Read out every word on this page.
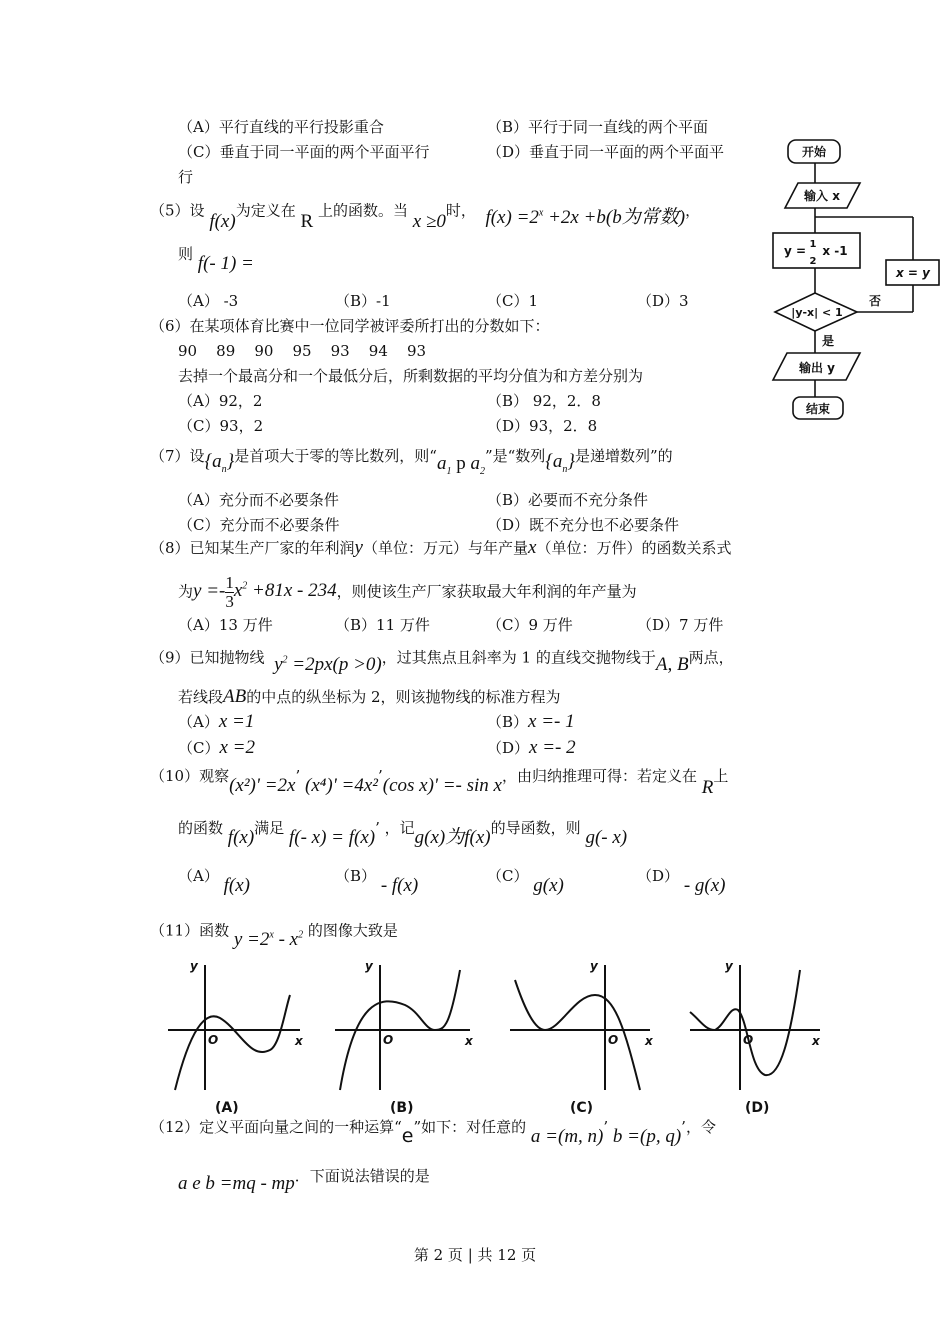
（A）平行直线的平行投影重合	（B）平行于同一直线的两个平面
（C）垂直于同一平面的两个平面平行	（D）垂直于同一平面的两个平面平
行
（5）设 f(x)为定义在 R 上的函数。当 x ≥0时， $f(x) =2^x +2x +b(b$为常数)，
则 f(- 1) =
（A） -3	（B）-1	（C）1	（D）3
（6）在某项体育比赛中一位同学被评委所打出的分数如下：
90    89    90    95    93    94    93
去掉一个最高分和一个最低分后，所剩数据的平均分值为和方差分别为
（A）92，2	（B） 92，2．8
（C）93，2	（D）93，2．8
（7）设$\{a_n\}$是首项大于零的等比数列，则“$a_1$ p $a_2$”是“数列$\{a_n\}$是递增数列”的
（A）充分而不必要条件	（B）必要而不充分条件
（C）充分而不必要条件	（D）既不充分也不必要条件
（8）已知某生产厂家的年利润y（单位：万元）与年产量x（单位：万件）的函数关系式
为$y =- \frac{1}{3} x^2 +81x - 234$，则使该生产厂家获取最大年利润的年产量为
（A）13 万件	（B）11 万件	（C）9 万件	（D）7 万件
（9）已知抛物线 $y^2 =2px(p >0)$，过其焦点且斜率为 1 的直线交抛物线于A, B两点，
若线段AB的中点的纵坐标为 2，则该抛物线的标准方程为
（A）x =1	（B）x =- 1
（C）x =2	（D）x =- 2
（10）观察(x²)' =2x’ (x⁴)' =4x²’(cos x)' =- sin x，由归纳推理可得：若定义在 R上
的函数 f(x)满足 f(- x) = f(x)’ ，记g(x)为f(x)的导函数，则 g(- x)
（A） f(x)	（B） - f(x)	（C） g(x)	（D） - g(x)
（11）函数 $y =2^x - x^2$ 的图像大致是
y
x
O
y
x
O
y
x
O
y
x
O
(A)	(B)	(C)	(D)
（12）定义平面向量之间的一种运算“e”如下：对任意的 a =(m, n)’ b =(p, q)’，令
a e b =mq - mp．下面说法错误的是
开始
输入 x
y = 1
2
x -1
x = y
|y-x| < 1
否
是
输出 y
结束
第 2 页 | 共 12 页
